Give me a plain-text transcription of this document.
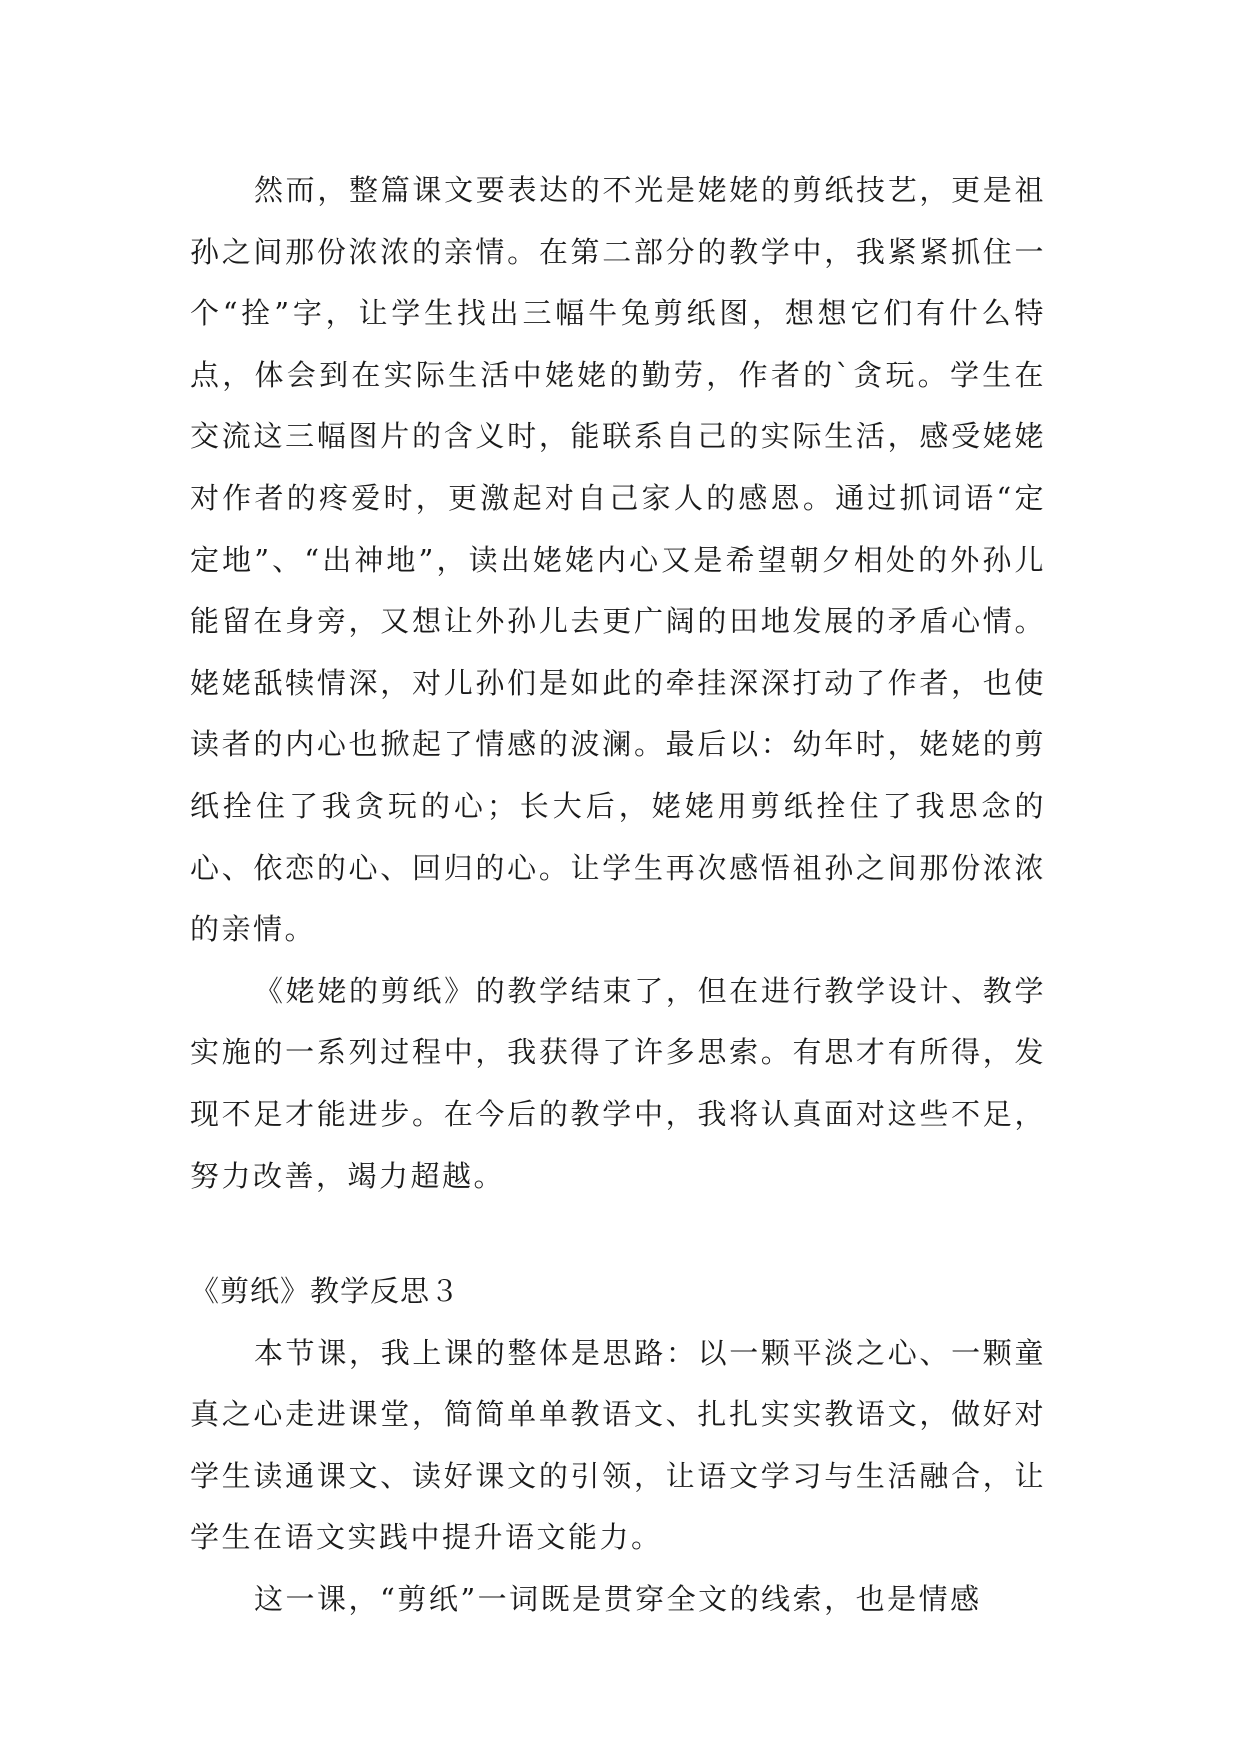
然而，整篇课文要表达的不光是姥姥的剪纸技艺，更是祖孙之间那份浓浓的亲情。在第二部分的教学中，我紧紧抓住一个“拴”字，让学生找出三幅牛兔剪纸图，想想它们有什么特点，体会到在实际生活中姥姥的勤劳，作者的`贪玩。学生在交流这三幅图片的含义时，能联系自己的实际生活，感受姥姥对作者的疼爱时，更激起对自己家人的感恩。通过抓词语“定定地”、“出神地”，读出姥姥内心又是希望朝夕相处的外孙儿能留在身旁，又想让外孙儿去更广阔的田地发展的矛盾心情。姥姥舐犊情深，对儿孙们是如此的牵挂深深打动了作者，也使读者的内心也掀起了情感的波澜。最后以：幼年时，姥姥的剪纸拴住了我贪玩的心；长大后，姥姥用剪纸拴住了我思念的心、依恋的心、回归的心。让学生再次感悟祖孙之间那份浓浓的亲情。

《姥姥的剪纸》的教学结束了，但在进行教学设计、教学实施的一系列过程中，我获得了许多思索。有思才有所得，发现不足才能进步。在今后的教学中，我将认真面对这些不足，努力改善，竭力超越。

《剪纸》教学反思３

本节课，我上课的整体是思路：以一颗平淡之心、一颗童真之心走进课堂，简简单单教语文、扎扎实实教语文，做好对学生读通课文、读好课文的引领，让语文学习与生活融合，让学生在语文实践中提升语文能力。

这一课，“剪纸”一词既是贯穿全文的线索，也是情感
